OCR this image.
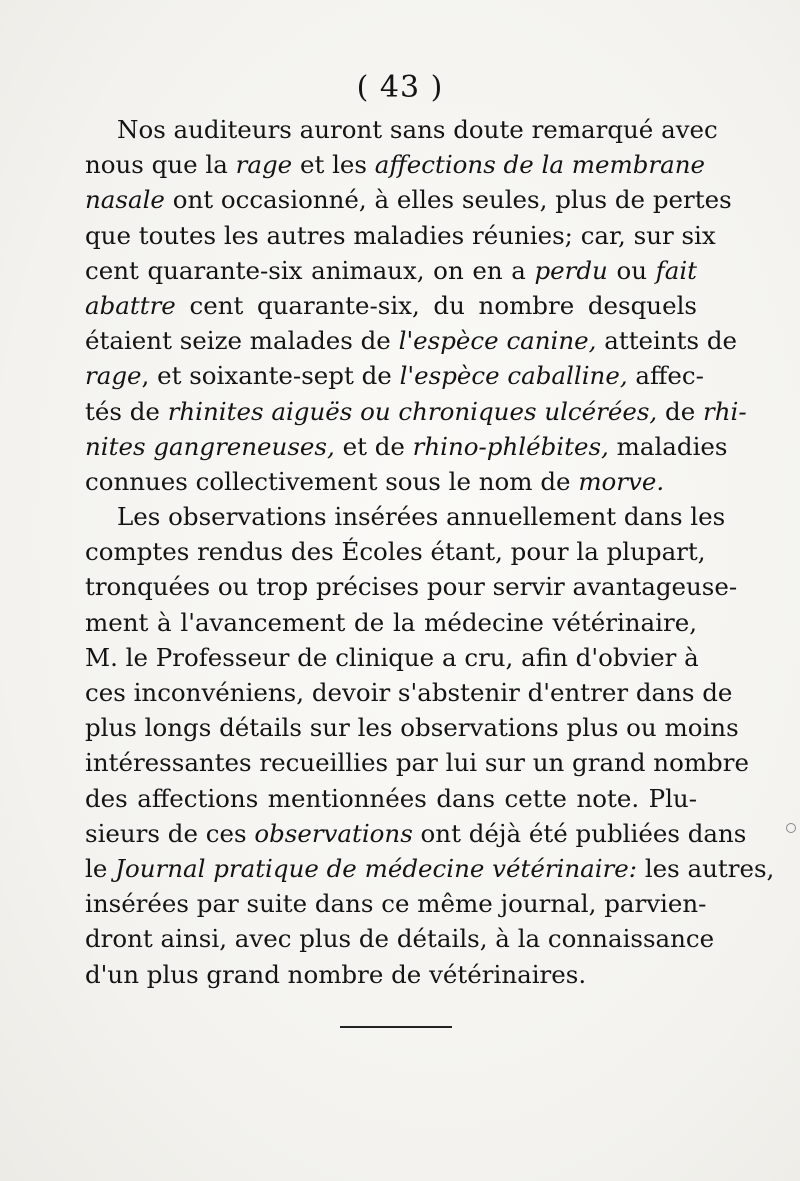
( 43 )
Nos auditeurs auront sans doute remarqué avec
nous que la rage et les affections de la membrane
nasale ont occasionné, à elles seules, plus de pertes
que toutes les autres maladies réunies; car, sur six
cent quarante-six animaux, on en a perdu ou fait
abattre cent quarante-six, du nombre desquels
étaient seize malades de l'espèce canine, atteints de
rage, et soixante-sept de l'espèce caballine, affec-
tés de rhinites aiguës ou chroniques ulcérées, de rhi-
nites gangreneuses, et de rhino-phlébites, maladies
connues collectivement sous le nom de morve.
Les observations insérées annuellement dans les
comptes rendus des Écoles étant, pour la plupart,
tronquées ou trop précises pour servir avantageuse-
ment à l'avancement de la médecine vétérinaire,
M. le Professeur de clinique a cru, afin d'obvier à
ces inconvéniens, devoir s'abstenir d'entrer dans de
plus longs détails sur les observations plus ou moins
intéressantes recueillies par lui sur un grand nombre
des affections mentionnées dans cette note. Plu-
sieurs de ces observations ont déjà été publiées dans
le Journal pratique de médecine vétérinaire: les autres,
insérées par suite dans ce même journal, parvien-
dront ainsi, avec plus de détails, à la connaissance
d'un plus grand nombre de vétérinaires.
